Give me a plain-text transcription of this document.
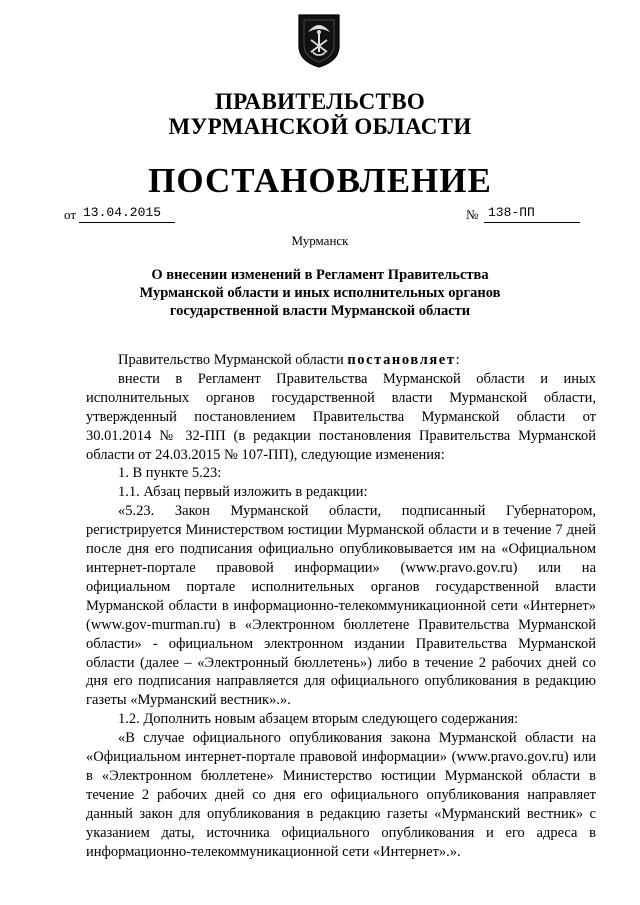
ПРАВИТЕЛЬСТВО
МУРМАНСКОЙ ОБЛАСТИ
ПОСТАНОВЛЕНИЕ
от 13.04.2015	№ 138-ПП
Мурманск
О внесении изменений в Регламент Правительства
Мурманской области и иных исполнительных органов
государственной власти Мурманской области

Правительство Мурманской области постановляет:

внести в Регламент Правительства Мурманской области и иных исполнительных органов государственной власти Мурманской области, утвержденный постановлением Правительства Мурманской области от 30.01.2014 № 32-ПП (в редакции постановления Правительства Мурманской области от 24.03.2015 № 107-ПП), следующие изменения:

1. В пункте 5.23:

1.1. Абзац первый изложить в редакции:

«5.23. Закон Мурманской области, подписанный Губернатором, регистрируется Министерством юстиции Мурманской области и в течение 7 дней после дня его подписания официально опубликовывается им на «Официальном интернет-портале правовой информации» (www.pravo.gov.ru) или на официальном портале исполнительных органов государственной власти Мурманской области в информационно-телекоммуникационной сети «Интернет» (www.gov-murman.ru) в «Электронном бюллетене Правительства Мурманской области» - официальном электронном издании Правительства Мурманской области (далее – «Электронный бюллетень») либо в течение 2 рабочих дней со дня его подписания направляется для официального опубликования в редакцию газеты «Мурманский вестник».».

1.2. Дополнить новым абзацем вторым следующего содержания:

«В случае официального опубликования закона Мурманской области на «Официальном интернет-портале правовой информации» (www.pravo.gov.ru) или в «Электронном бюллетене» Министерство юстиции Мурманской области в течение 2 рабочих дней со дня его официального опубликования направляет данный закон для опубликования в редакцию газеты «Мурманский вестник» с указанием даты, источника официального опубликования и его адреса в информационно-телекоммуникационной сети «Интернет».».
